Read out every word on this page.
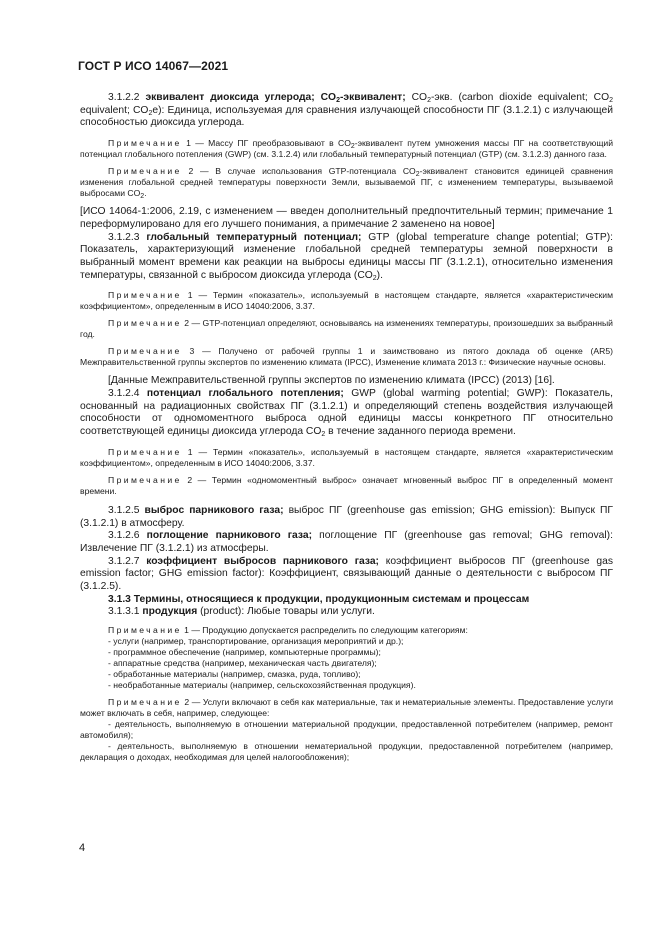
ГОСТ Р ИСО 14067—2021

3.1.2.2 эквивалент диоксида углерода; $CO_2$-эквивалент; $CO_2$-экв. (carbon dioxide equivalent; $CO_2$ equivalent; $CO_2e$): Единица, используемая для сравнения излучающей способности ПГ (3.1.2.1) с излучающей способностью диоксида углерода.

Примечание 1 — Массу ПГ преобразовывают в $CO_2$-эквивалент путем умножения массы ПГ на соответствующий потенциал глобального потепления (GWP) (см. 3.1.2.4) или глобальный температурный потенциал (GTP) (см. 3.1.2.3) данного газа.

Примечание 2 — В случае использования GTP-потенциала $CO_2$-эквивалент становится единицей сравнения изменения глобальной средней температуры поверхности Земли, вызываемой ПГ, с изменением температуры, вызываемой выбросами $CO_2$.

[ИСО 14064-1:2006, 2.19, с изменением — введен дополнительный предпочтительный термин; примечание 1 переформулировано для его лучшего понимания, а примечание 2 заменено на новое]

3.1.2.3 глобальный температурный потенциал; GTP (global temperature change potential; GTP): Показатель, характеризующий изменение глобальной средней температуры земной поверхности в выбранный момент времени как реакции на выбросы единицы массы ПГ (3.1.2.1), относительно изменения температуры, связанной с выбросом диоксида углерода $(CO_2)$.

Примечание 1 — Термин «показатель», используемый в настоящем стандарте, является «характеристическим коэффициентом», определенным в ИСО 14040:2006, 3.37.

Примечание 2 — GTP-потенциал определяют, основываясь на изменениях температуры, произошедших за выбранный год.

Примечание 3 — Получено от рабочей группы 1 и заимствовано из пятого доклада об оценке (AR5) Межправительственной группы экспертов по изменению климата (IPCC), Изменение климата 2013 г.: Физические научные основы.

[Данные Межправительственной группы экспертов по изменению климата (IPCC) (2013) [16].

3.1.2.4 потенциал глобального потепления; GWP (global warming potential; GWP): Показатель, основанный на радиационных свойствах ПГ (3.1.2.1) и определяющий степень воздействия излучающей способности от одномоментного выброса одной единицы массы конкретного ПГ относительно соответствующей единицы диоксида углерода $CO_2$ в течение заданного периода времени.

Примечание 1 — Термин «показатель», используемый в настоящем стандарте, является «характеристическим коэффициентом», определенным в ИСО 14040:2006, 3.37.

Примечание 2 — Термин «одномоментный выброс» означает мгновенный выброс ПГ в определенный момент времени.

3.1.2.5 выброс парникового газа; выброс ПГ (greenhouse gas emission; GHG emission): Выпуск ПГ (3.1.2.1) в атмосферу.

3.1.2.6 поглощение парникового газа; поглощение ПГ (greenhouse gas removal; GHG removal): Извлечение ПГ (3.1.2.1) из атмосферы.

3.1.2.7 коэффициент выбросов парникового газа; коэффициент выбросов ПГ (greenhouse gas emission factor; GHG emission factor): Коэффициент, связывающий данные о деятельности с выбросом ПГ (3.1.2.5).

3.1.3 Термины, относящиеся к продукции, продукционным системам и процессам

3.1.3.1 продукция (product): Любые товары или услуги.

Примечание 1 — Продукцию допускается распределить по следующим категориям:

- услуги (например, транспортирование, организация мероприятий и др.);

- программное обеспечение (например, компьютерные программы);

- аппаратные средства (например, механическая часть двигателя);

- обработанные материалы (например, смазка, руда, топливо);

- необработанные материалы (например, сельскохозяйственная продукция).

Примечание 2 — Услуги включают в себя как материальные, так и нематериальные элементы. Предоставление услуги может включать в себя, например, следующее:

- деятельность, выполняемую в отношении материальной продукции, предоставленной потребителем (например, ремонт автомобиля);

- деятельность, выполняемую в отношении нематериальной продукции, предоставленной потребителем (например, декларация о доходах, необходимая для целей налогообложения);

4
